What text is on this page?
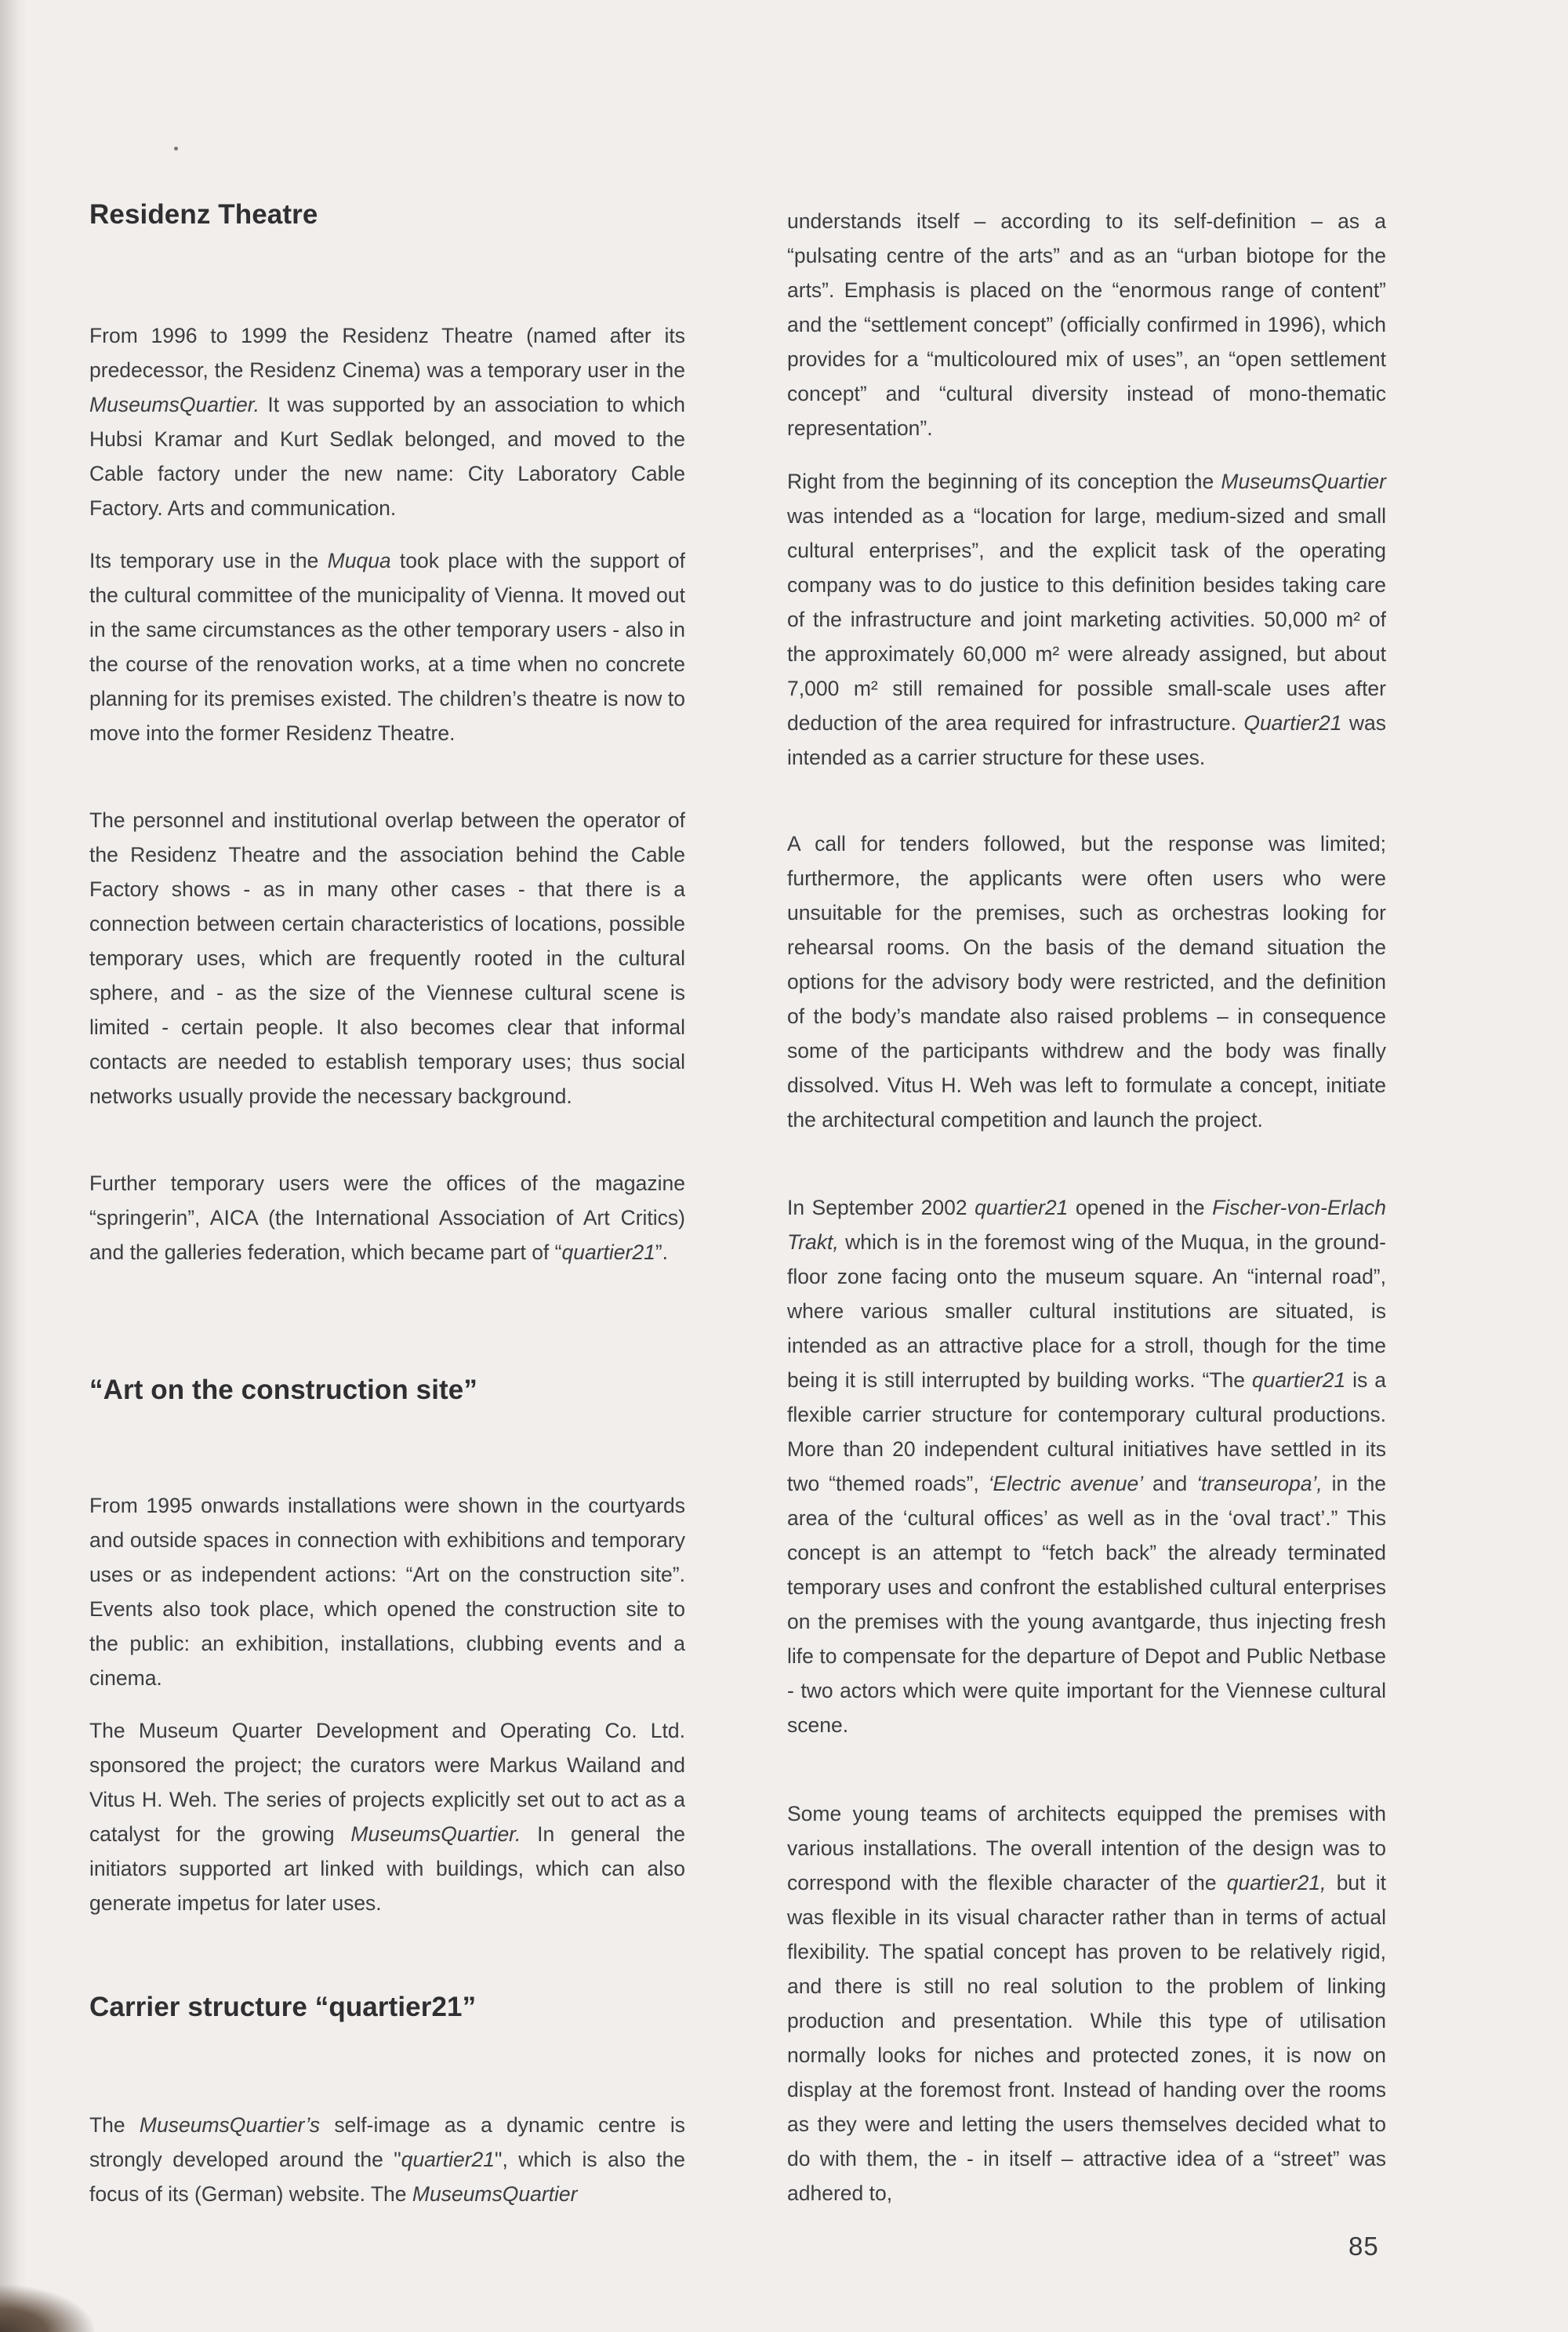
Residenz Theatre

From 1996 to 1999 the Residenz Theatre (named after its predecessor, the Residenz Cinema) was a temporary user in the MuseumsQuartier. It was supported by an association to which Hubsi Kramar and Kurt Sedlak belonged, and moved to the Cable factory under the new name: City Laboratory Cable Factory. Arts and communication.

Its temporary use in the Muqua took place with the support of the cultural committee of the municipality of Vienna. It moved out in the same circumstances as the other temporary users - also in the course of the renovation works, at a time when no concrete planning for its premises existed. The children’s theatre is now to move into the former Residenz Theatre.

The personnel and institutional overlap between the operator of the Residenz Theatre and the association behind the Cable Factory shows - as in many other cases - that there is a connection between certain characteristics of locations, possible temporary uses, which are frequently rooted in the cultural sphere, and - as the size of the Viennese cultural scene is limited - certain people. It also becomes clear that informal contacts are needed to establish temporary uses; thus social networks usually provide the necessary background.

Further temporary users were the offices of the magazine “springerin”, AICA (the International Association of Art Critics) and the galleries federation, which became part of “quartier21”.

“Art on the construction site”

From 1995 onwards installations were shown in the courtyards and outside spaces in connection with exhibitions and temporary uses or as independent actions: “Art on the construction site”. Events also took place, which opened the construction site to the public: an exhibition, installations, clubbing events and a cinema.

The Museum Quarter Development and Operating Co. Ltd. sponsored the project; the curators were Markus Wailand and Vitus H. Weh. The series of projects explicitly set out to act as a catalyst for the growing MuseumsQuartier. In general the initiators supported art linked with buildings, which can also generate impetus for later uses.

Carrier structure “quartier21”

The MuseumsQuartier’s self-image as a dynamic centre is strongly developed around the "quartier21", which is also the focus of its (German) website. The MuseumsQuartier

understands itself – according to its self-definition – as a “pulsating centre of the arts” and as an “urban biotope for the arts”. Emphasis is placed on the “enormous range of content” and the “settlement concept” (officially confirmed in 1996), which provides for a “multicoloured mix of uses”, an “open settlement concept” and “cultural diversity instead of mono-thematic representation”.

Right from the beginning of its conception the MuseumsQuartier was intended as a “location for large, medium-sized and small cultural enterprises”, and the explicit task of the operating company was to do justice to this definition besides taking care of the infrastructure and joint marketing activities. 50,000 m² of the approximately 60,000 m² were already assigned, but about 7,000 m² still remained for possible small-scale uses after deduction of the area required for infrastructure. Quartier21 was intended as a carrier structure for these uses.

A call for tenders followed, but the response was limited; furthermore, the applicants were often users who were unsuitable for the premises, such as orchestras looking for rehearsal rooms. On the basis of the demand situation the options for the advisory body were restricted, and the definition of the body’s mandate also raised problems – in consequence some of the participants withdrew and the body was finally dissolved. Vitus H. Weh was left to formulate a concept, initiate the architectural competition and launch the project.

In September 2002 quartier21 opened in the Fischer-von-Erlach Trakt, which is in the foremost wing of the Muqua, in the ground-floor zone facing onto the museum square. An “internal road”, where various smaller cultural institutions are situated, is intended as an attractive place for a stroll, though for the time being it is still interrupted by building works. “The quartier21 is a flexible carrier structure for contemporary cultural productions. More than 20 independent cultural initiatives have settled in its two “themed roads”, ‘Electric avenue’ and ‘transeuropa’, in the area of the ‘cultural offices’ as well as in the ‘oval tract’.” This concept is an attempt to “fetch back” the already terminated temporary uses and confront the established cultural enterprises on the premises with the young avantgarde, thus injecting fresh life to compensate for the departure of Depot and Public Netbase - two actors which were quite important for the Viennese cultural scene.

Some young teams of architects equipped the premises with various installations. The overall intention of the design was to correspond with the flexible character of the quartier21, but it was flexible in its visual character rather than in terms of actual flexibility. The spatial concept has proven to be relatively rigid, and there is still no real solution to the problem of linking production and presentation. While this type of utilisation normally looks for niches and protected zones, it is now on display at the foremost front. Instead of handing over the rooms as they were and letting the users themselves decided what to do with them, the - in itself – attractive idea of a “street” was adhered to,

85
